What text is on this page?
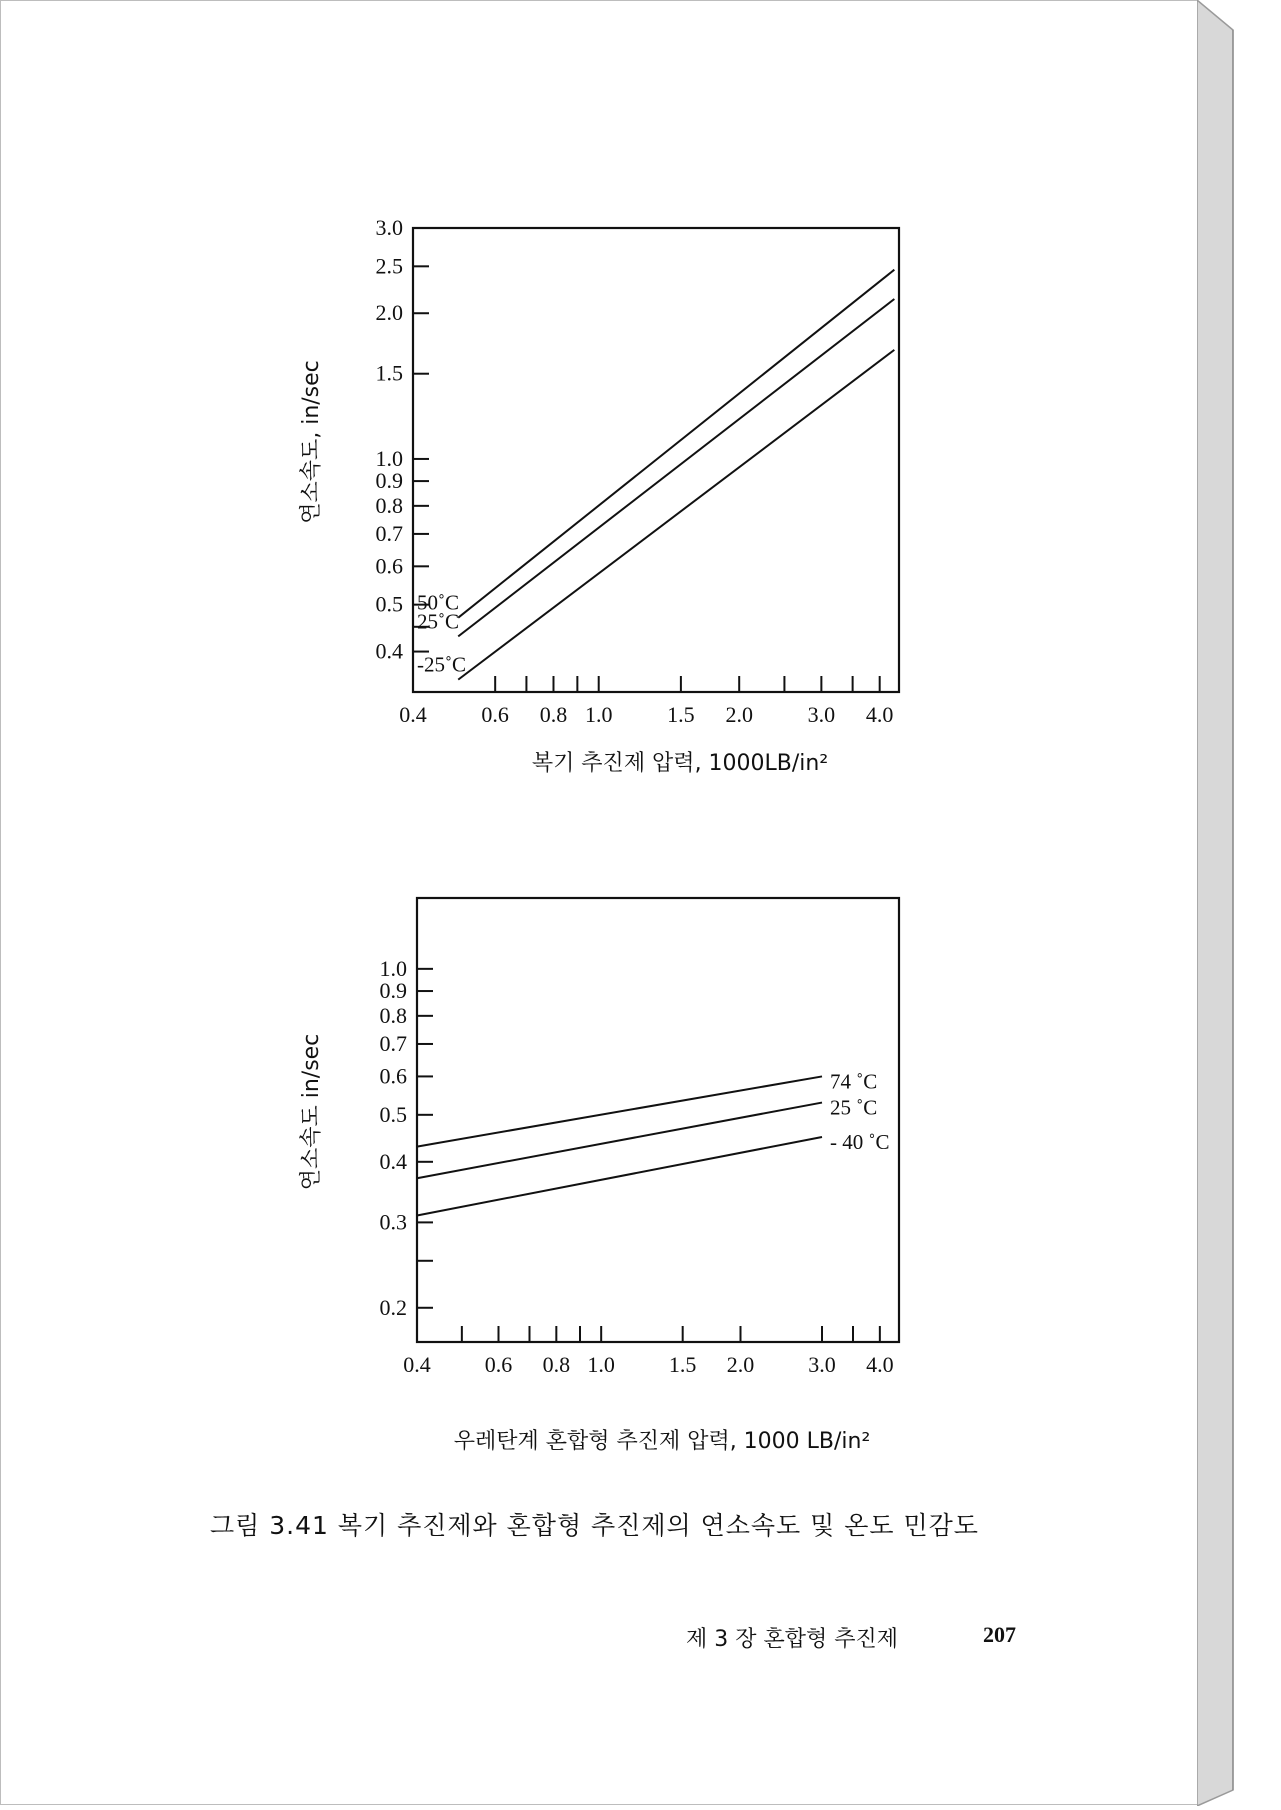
3.0
2.5
2.0
1.5
1.0
0.9
0.8
0.7
0.6
0.5
0.4
0.4 0.6 0.8 1.0 1.5 2.0 3.0 4.0
50˚C
25˚C
-25˚C
연소속도, in/sec
복기 추진제 압력, 1000LB/in²
1.0
0.9
0.8
0.7
0.6
0.5
0.4
0.3
0.2
0.4 0.6 0.8 1.0 1.5 2.0 3.0 4.0
74 ˚C
25 ˚C
- 40 ˚C
연소속도 in/sec
우레탄계 혼합형 추진제 압력, 1000 LB/in²
그림 3.41 복기 추진제와 혼합형 추진제의 연소속도 및 온도 민감도
제 3 장 혼합형 추진제	207
